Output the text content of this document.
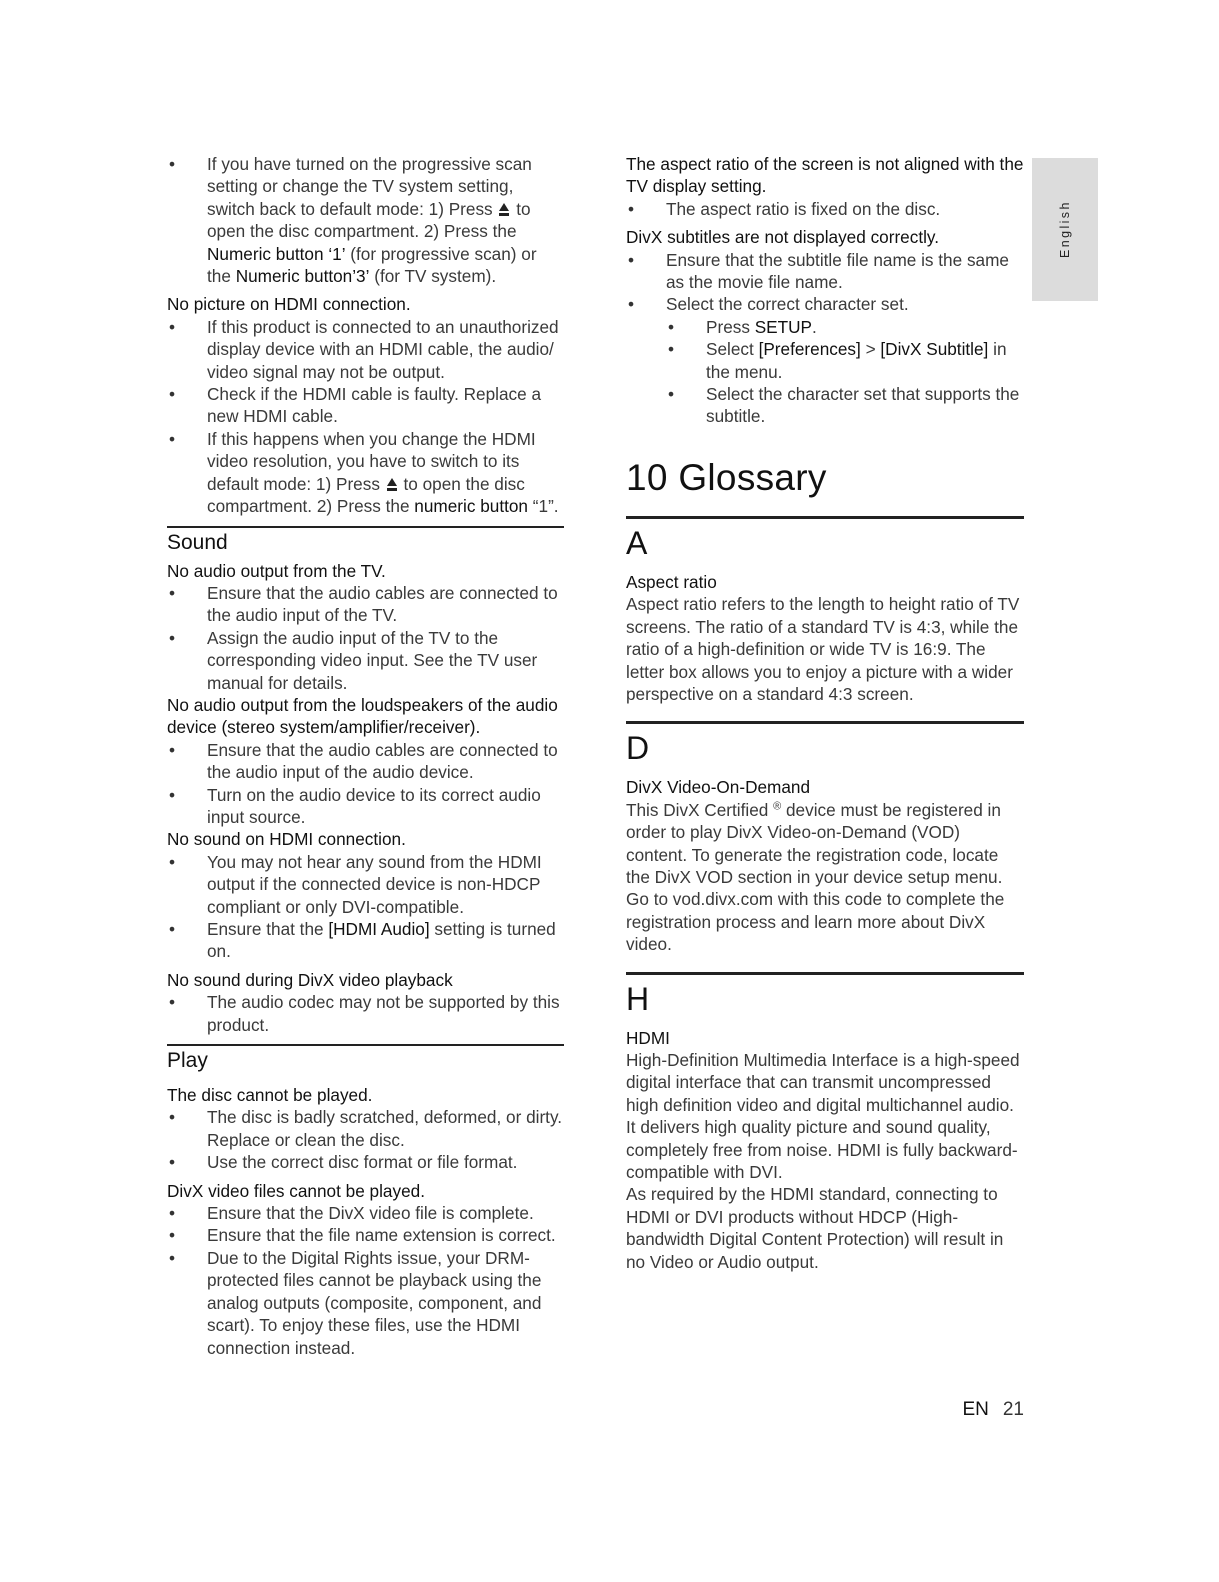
English
• If you have turned on the progressive scan setting or change the TV system setting, switch back to default mode: 1) Press to open the disc compartment. 2) Press the Numeric button ‘1’ (for progressive scan) or the Numeric button’3’ (for TV system).
No picture on HDMI connection.
• If this product is connected to an unauthorized display device with an HDMI cable, the audio/ video signal may not be output.
• Check if the HDMI cable is faulty. Replace a new HDMI cable.
• If this happens when you change the HDMI video resolution, you have to switch to its default mode: 1) Press to open the disc compartment. 2) Press the numeric button “1”.
Sound
No audio output from the TV.
• Ensure that the audio cables are connected to the audio input of the TV.
• Assign the audio input of the TV to the corresponding video input. See the TV user manual for details.
No audio output from the loudspeakers of the audio device (stereo system/amplifier/receiver).
• Ensure that the audio cables are connected to the audio input of the audio device.
• Turn on the audio device to its correct audio input source.
No sound on HDMI connection.
• You may not hear any sound from the HDMI output if the connected device is non-HDCP compliant or only DVI-compatible.
• Ensure that the [HDMI Audio] setting is turned on.
No sound during DivX video playback
• The audio codec may not be supported by this product.
Play
The disc cannot be played.
• The disc is badly scratched, deformed, or dirty. Replace or clean the disc.
• Use the correct disc format or file format.
DivX video files cannot be played.
• Ensure that the DivX video file is complete.
• Ensure that the file name extension is correct.
• Due to the Digital Rights issue, your DRM-protected files cannot be playback using the analog outputs (composite, component, and scart). To enjoy these files, use the HDMI connection instead.
The aspect ratio of the screen is not aligned with the TV display setting.
• The aspect ratio is fixed on the disc.
DivX subtitles are not displayed correctly.
• Ensure that the subtitle file name is the same as the movie file name.
• Select the correct character set.
• Press SETUP.
• Select [Preferences] > [DivX Subtitle] in the menu.
• Select the character set that supports the subtitle.
10 Glossary
A
Aspect ratio
Aspect ratio refers to the length to height ratio of TV screens. The ratio of a standard TV is 4:3, while the ratio of a high-definition or wide TV is 16:9. The letter box allows you to enjoy a picture with a wider perspective on a standard 4:3 screen.
D
DivX Video-On-Demand
This DivX Certified ® device must be registered in order to play DivX Video-on-Demand (VOD) content. To generate the registration code, locate the DivX VOD section in your device setup menu. Go to vod.divx.com with this code to complete the registration process and learn more about DivX video.
H
HDMI
High-Definition Multimedia Interface is a high-speed digital interface that can transmit uncompressed high definition video and digital multichannel audio. It delivers high quality picture and sound quality, completely free from noise. HDMI is fully backward-compatible with DVI.
As required by the HDMI standard, connecting to HDMI or DVI products without HDCP (High-bandwidth Digital Content Protection) will result in no Video or Audio output.
EN 21
